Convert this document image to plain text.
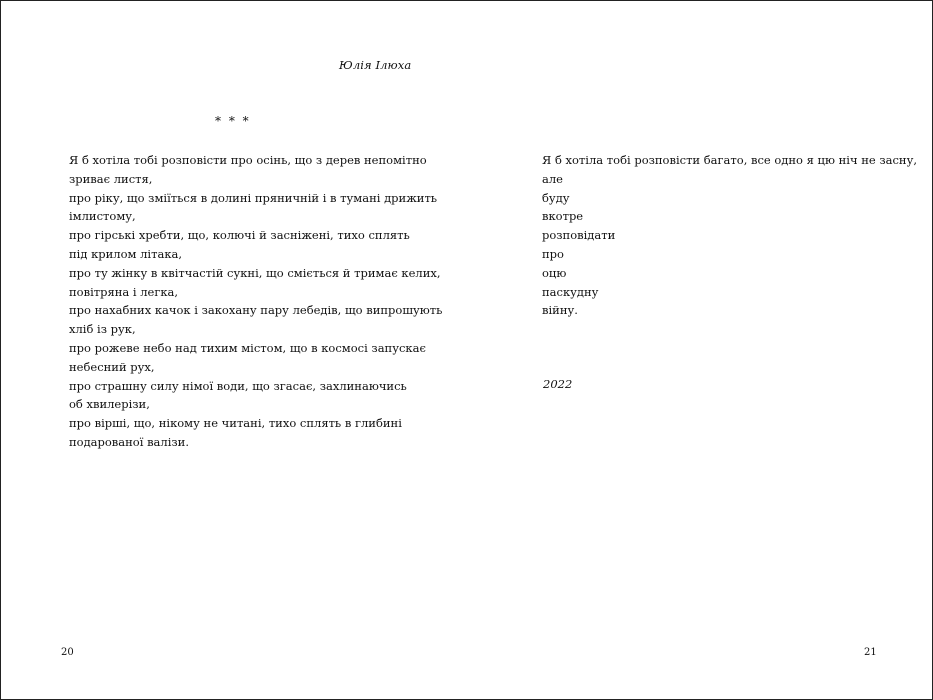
Юлія Ілюха
* * *
Я б хотіла тобі розповісти про осінь, що з дерев непомітно
зриває листя,
про ріку, що зміїться в долині пряничній і в тумані дрижить
імлистому,
про гірські хребти, що, колючі й засніжені, тихо сплять
під крилом літака,
про ту жінку в квітчастій сукні, що сміється й тримає келих,
повітряна і легка,
про нахабних качок і закохану пару лебедів, що випрошують
хліб із рук,
про рожеве небо над тихим містом, що в космосі запускає
небесний рух,
про страшну силу німої води, що згасає, захлинаючись
об хвилерізи,
про вірші, що, нікому не читані, тихо сплять в глибині
подарованої валізи.
Я б хотіла тобі розповісти багато, все одно я цю ніч не засну,
але
буду
вкотре
розповідати
про
оцю
паскудну
війну.
2022
20	21
